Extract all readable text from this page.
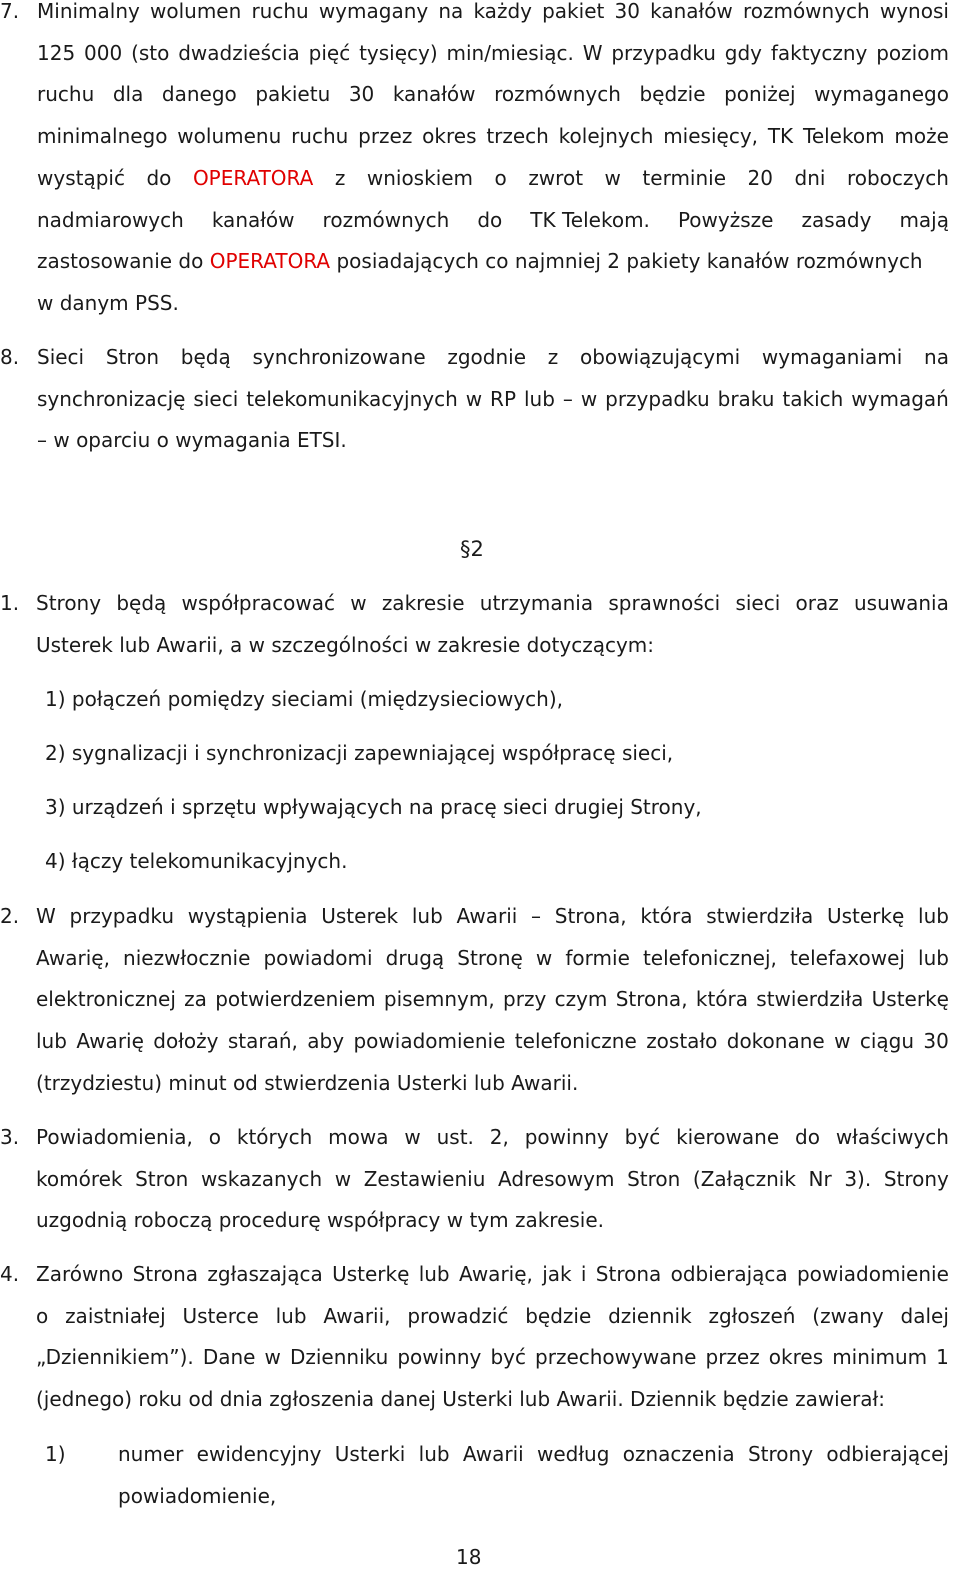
7. Minimalny wolumen ruchu wymagany na każdy pakiet 30 kanałów rozmównych wynosi
125 000 (sto dwadzieścia pięć tysięcy) min/miesiąc. W przypadku gdy faktyczny poziom
ruchu dla danego pakietu 30 kanałów rozmównych będzie poniżej wymaganego
minimalnego wolumenu ruchu przez okres trzech kolejnych miesięcy, TK Telekom może
wystąpić do OPERATORA z wnioskiem o zwrot w terminie 20 dni roboczych
nadmiarowych kanałów rozmównych do TK Telekom. Powyższe zasady mają
zastosowanie do OPERATORA posiadających co najmniej 2 pakiety kanałów rozmównych
w danym PSS.
8. Sieci Stron będą synchronizowane zgodnie z obowiązującymi wymaganiami na
synchronizację sieci telekomunikacyjnych w RP lub – w przypadku braku takich wymagań
– w oparciu o wymagania ETSI.
§2
1. Strony będą współpracować w zakresie utrzymania sprawności sieci oraz usuwania
Usterek lub Awarii, a w szczególności w zakresie dotyczącym:
1) połączeń pomiędzy sieciami (międzysieciowych),
2) sygnalizacji i synchronizacji zapewniającej współpracę sieci,
3) urządzeń i sprzętu wpływających na pracę sieci drugiej Strony,
4) łączy telekomunikacyjnych.
2. W przypadku wystąpienia Usterek lub Awarii – Strona, która stwierdziła Usterkę lub
Awarię, niezwłocznie powiadomi drugą Stronę w formie telefonicznej, telefaxowej lub
elektronicznej za potwierdzeniem pisemnym, przy czym Strona, która stwierdziła Usterkę
lub Awarię dołoży starań, aby powiadomienie telefoniczne zostało dokonane w ciągu 30
(trzydziestu) minut od stwierdzenia Usterki lub Awarii.
3. Powiadomienia, o których mowa w ust. 2, powinny być kierowane do właściwych
komórek Stron wskazanych w Zestawieniu Adresowym Stron (Załącznik Nr 3). Strony
uzgodnią roboczą procedurę współpracy w tym zakresie.
4. Zarówno Strona zgłaszająca Usterkę lub Awarię, jak i Strona odbierająca powiadomienie
o zaistniałej Usterce lub Awarii, prowadzić będzie dziennik zgłoszeń (zwany dalej
„Dziennikiem”). Dane w Dzienniku powinny być przechowywane przez okres minimum 1
(jednego) roku od dnia zgłoszenia danej Usterki lub Awarii. Dziennik będzie zawierał:
1)	numer ewidencyjny Usterki lub Awarii według oznaczenia Strony odbierającej
powiadomienie,
18
